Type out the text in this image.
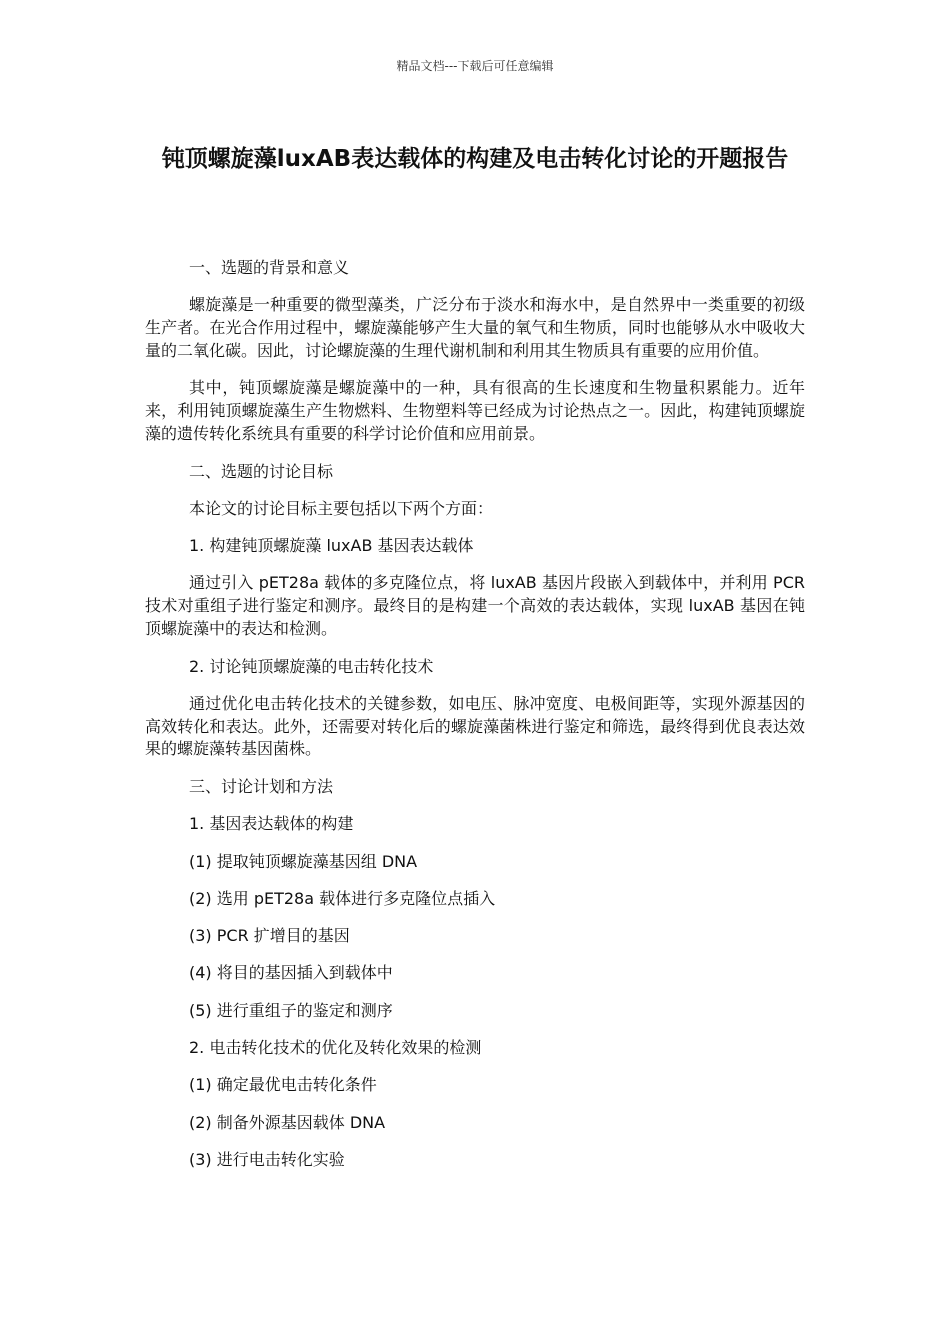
精品文档---下载后可任意编辑
钝顶螺旋藻luxAB表达载体的构建及电击转化讨论的开题报告

一、选题的背景和意义

螺旋藻是一种重要的微型藻类，广泛分布于淡水和海水中，是自然界中一类重要的初级生产者。在光合作用过程中，螺旋藻能够产生大量的氧气和生物质，同时也能够从水中吸收大量的二氧化碳。因此，讨论螺旋藻的生理代谢机制和利用其生物质具有重要的应用价值。

其中，钝顶螺旋藻是螺旋藻中的一种，具有很高的生长速度和生物量积累能力。近年来，利用钝顶螺旋藻生产生物燃料、生物塑料等已经成为讨论热点之一。因此，构建钝顶螺旋藻的遗传转化系统具有重要的科学讨论价值和应用前景。

二、选题的讨论目标

本论文的讨论目标主要包括以下两个方面：

1. 构建钝顶螺旋藻 luxAB 基因表达载体

通过引入 pET28a 载体的多克隆位点，将 luxAB 基因片段嵌入到载体中，并利用 PCR 技术对重组子进行鉴定和测序。最终目的是构建一个高效的表达载体，实现 luxAB 基因在钝顶螺旋藻中的表达和检测。

2. 讨论钝顶螺旋藻的电击转化技术

通过优化电击转化技术的关键参数，如电压、脉冲宽度、电极间距等，实现外源基因的高效转化和表达。此外，还需要对转化后的螺旋藻菌株进行鉴定和筛选，最终得到优良表达效果的螺旋藻转基因菌株。

三、讨论计划和方法

1. 基因表达载体的构建

(1) 提取钝顶螺旋藻基因组 DNA

(2) 选用 pET28a 载体进行多克隆位点插入

(3) PCR 扩增目的基因

(4) 将目的基因插入到载体中

(5) 进行重组子的鉴定和测序

2. 电击转化技术的优化及转化效果的检测

(1) 确定最优电击转化条件

(2) 制备外源基因载体 DNA

(3) 进行电击转化实验
